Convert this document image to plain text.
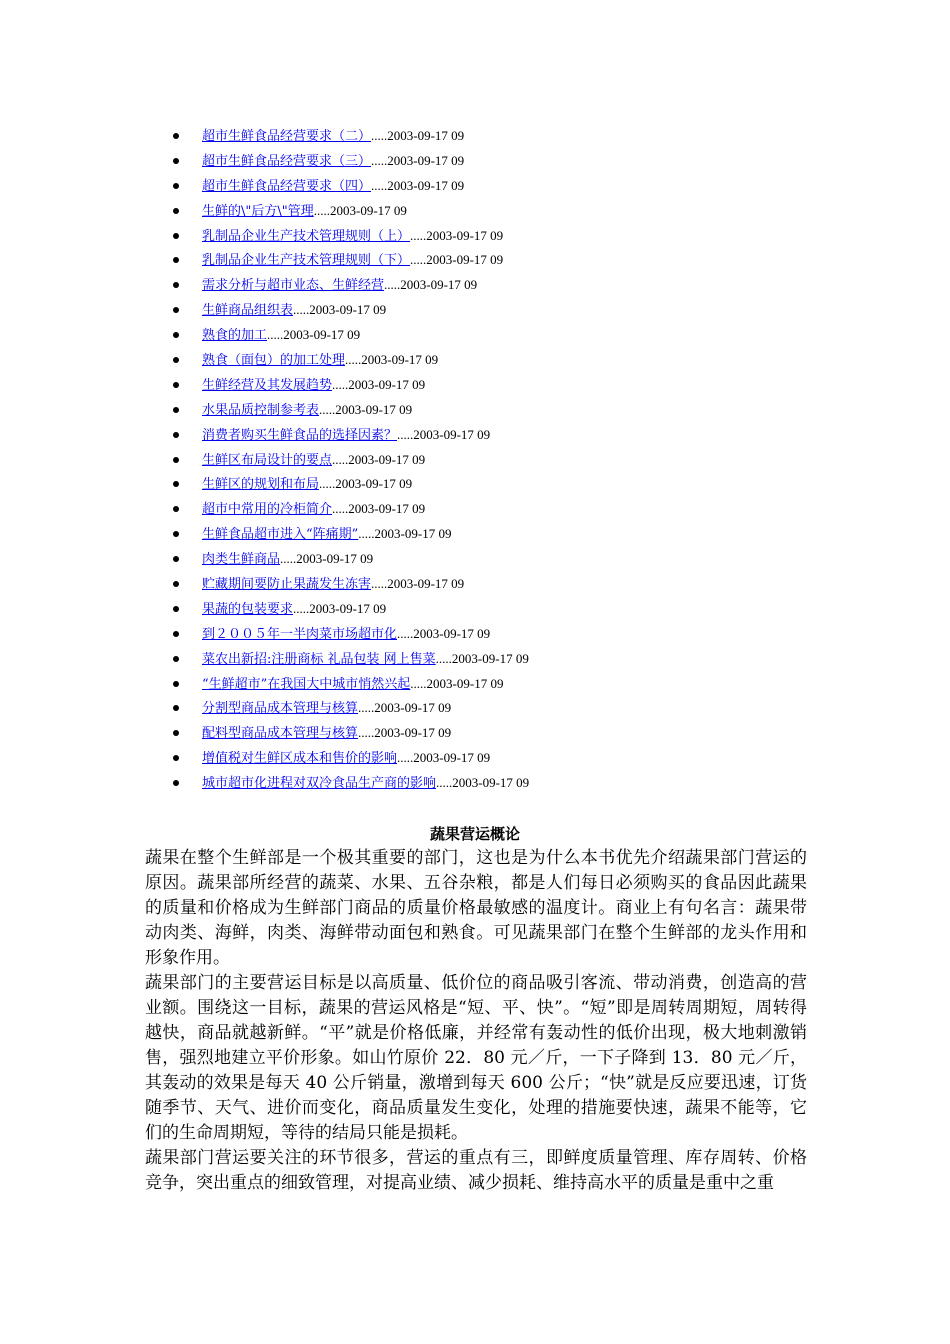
超市生鲜食品经营要求（二）.....2003-09-17 09
超市生鲜食品经营要求（三）.....2003-09-17 09
超市生鲜食品经营要求（四）.....2003-09-17 09
生鲜的\"后方\"管理.....2003-09-17 09
乳制品企业生产技术管理规则（上）.....2003-09-17 09
乳制品企业生产技术管理规则（下）.....2003-09-17 09
需求分析与超市业态、生鲜经营.....2003-09-17 09
生鲜商品组织表.....2003-09-17 09
熟食的加工.....2003-09-17 09
熟食（面包）的加工处理.....2003-09-17 09
生鲜经营及其发展趋势.....2003-09-17 09
水果品质控制参考表.....2003-09-17 09
消费者购买生鲜食品的选择因素？.....2003-09-17 09
生鲜区布局设计的要点.....2003-09-17 09
生鲜区的规划和布局.....2003-09-17 09
超市中常用的冷柜简介.....2003-09-17 09
生鲜食品超市进入“阵痛期”.....2003-09-17 09
肉类生鲜商品.....2003-09-17 09
贮藏期间要防止果蔬发生冻害.....2003-09-17 09
果蔬的包装要求.....2003-09-17 09
到２００５年一半肉菜市场超市化.....2003-09-17 09
菜农出新招:注册商标 礼品包装 网上售菜.....2003-09-17 09
“生鲜超市”在我国大中城市悄然兴起.....2003-09-17 09
分割型商品成本管理与核算.....2003-09-17 09
配料型商品成本管理与核算.....2003-09-17 09
增值税对生鲜区成本和售价的影响.....2003-09-17 09
城市超市化进程对双冷食品生产商的影响.....2003-09-17 09
蔬果营运概论

蔬果在整个生鲜部是一个极其重要的部门，这也是为什么本书优先介绍蔬果部门营运的原因。蔬果部所经营的蔬菜、水果、五谷杂粮，都是人们每日必须购买的食品因此蔬果的质量和价格成为生鲜部门商品的质量价格最敏感的温度计。商业上有句名言：蔬果带动肉类、海鲜，肉类、海鲜带动面包和熟食。可见蔬果部门在整个生鲜部的龙头作用和形象作用。

蔬果部门的主要营运目标是以高质量、低价位的商品吸引客流、带动消费，创造高的营业额。围绕这一目标，蔬果的营运风格是“短、平、快”。“短”即是周转周期短，周转得越快，商品就越新鲜。“平”就是价格低廉，并经常有轰动性的低价出现，极大地刺激销售，强烈地建立平价形象。如山竹原价 22．80 元／斤，一下子降到 13．80 元／斤，其轰动的效果是每天 40 公斤销量，激增到每天 600 公斤；“快”就是反应要迅速，订货随季节、天气、进价而变化，商品质量发生变化，处理的措施要快速，蔬果不能等，它们的生命周期短，等待的结局只能是损耗。

蔬果部门营运要关注的环节很多，营运的重点有三，即鲜度质量管理、库存周转、价格竞争，突出重点的细致管理，对提高业绩、减少损耗、维持高水平的质量是重中之重
